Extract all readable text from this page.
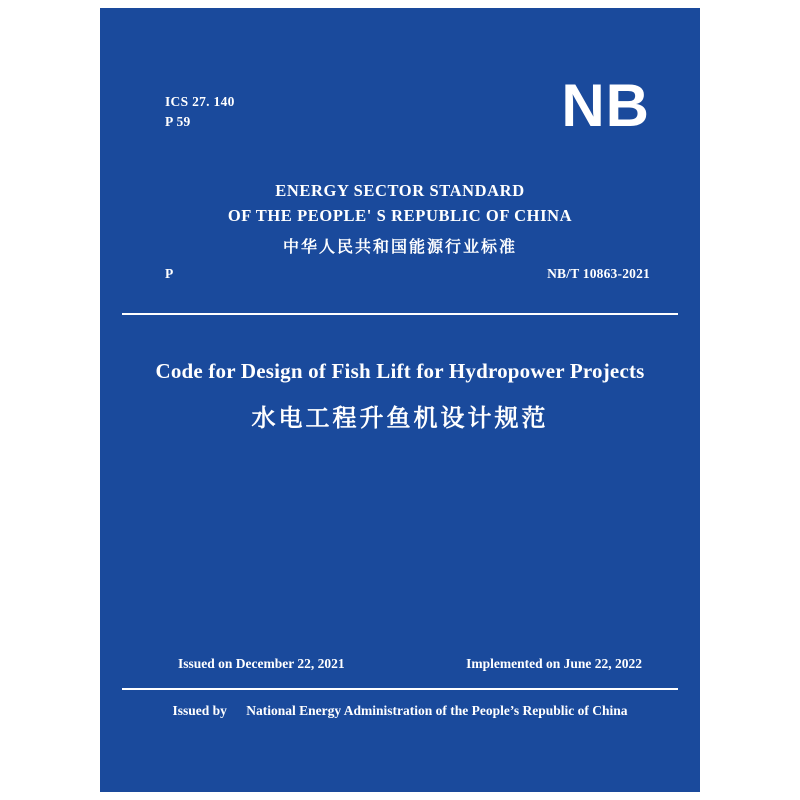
ICS 27. 140
P 59	NB
ENERGY SECTOR STANDARD
OF THE PEOPLE' S REPUBLIC OF CHINA
中华人民共和国能源行业标准
P	NB/T 10863-2021
Code for Design of Fish Lift for Hydropower Projects
水电工程升鱼机设计规范
Issued on December 22, 2021	Implemented on June 22, 2022
Issued by National Energy Administration of the People’s Republic of China
